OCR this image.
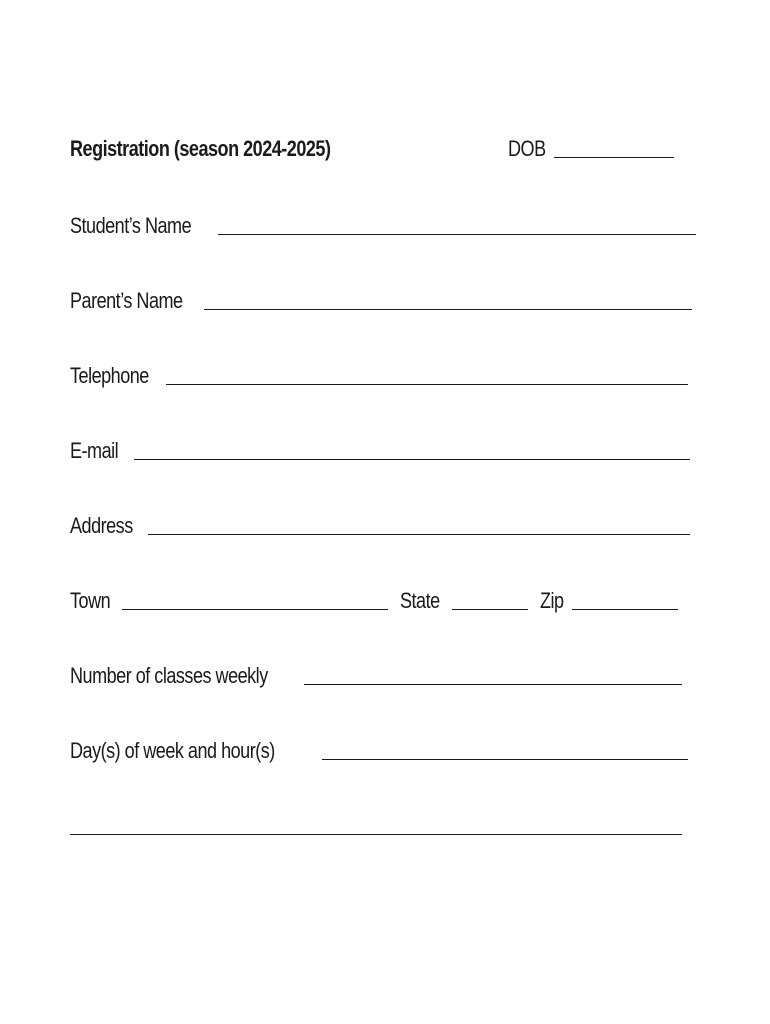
Registration (season 2024-2025)	DOB
Student’s Name
Parent’s Name
Telephone
E-mail
Address
Town	State	Zip
Number of classes weekly
Day(s) of week and hour(s)
